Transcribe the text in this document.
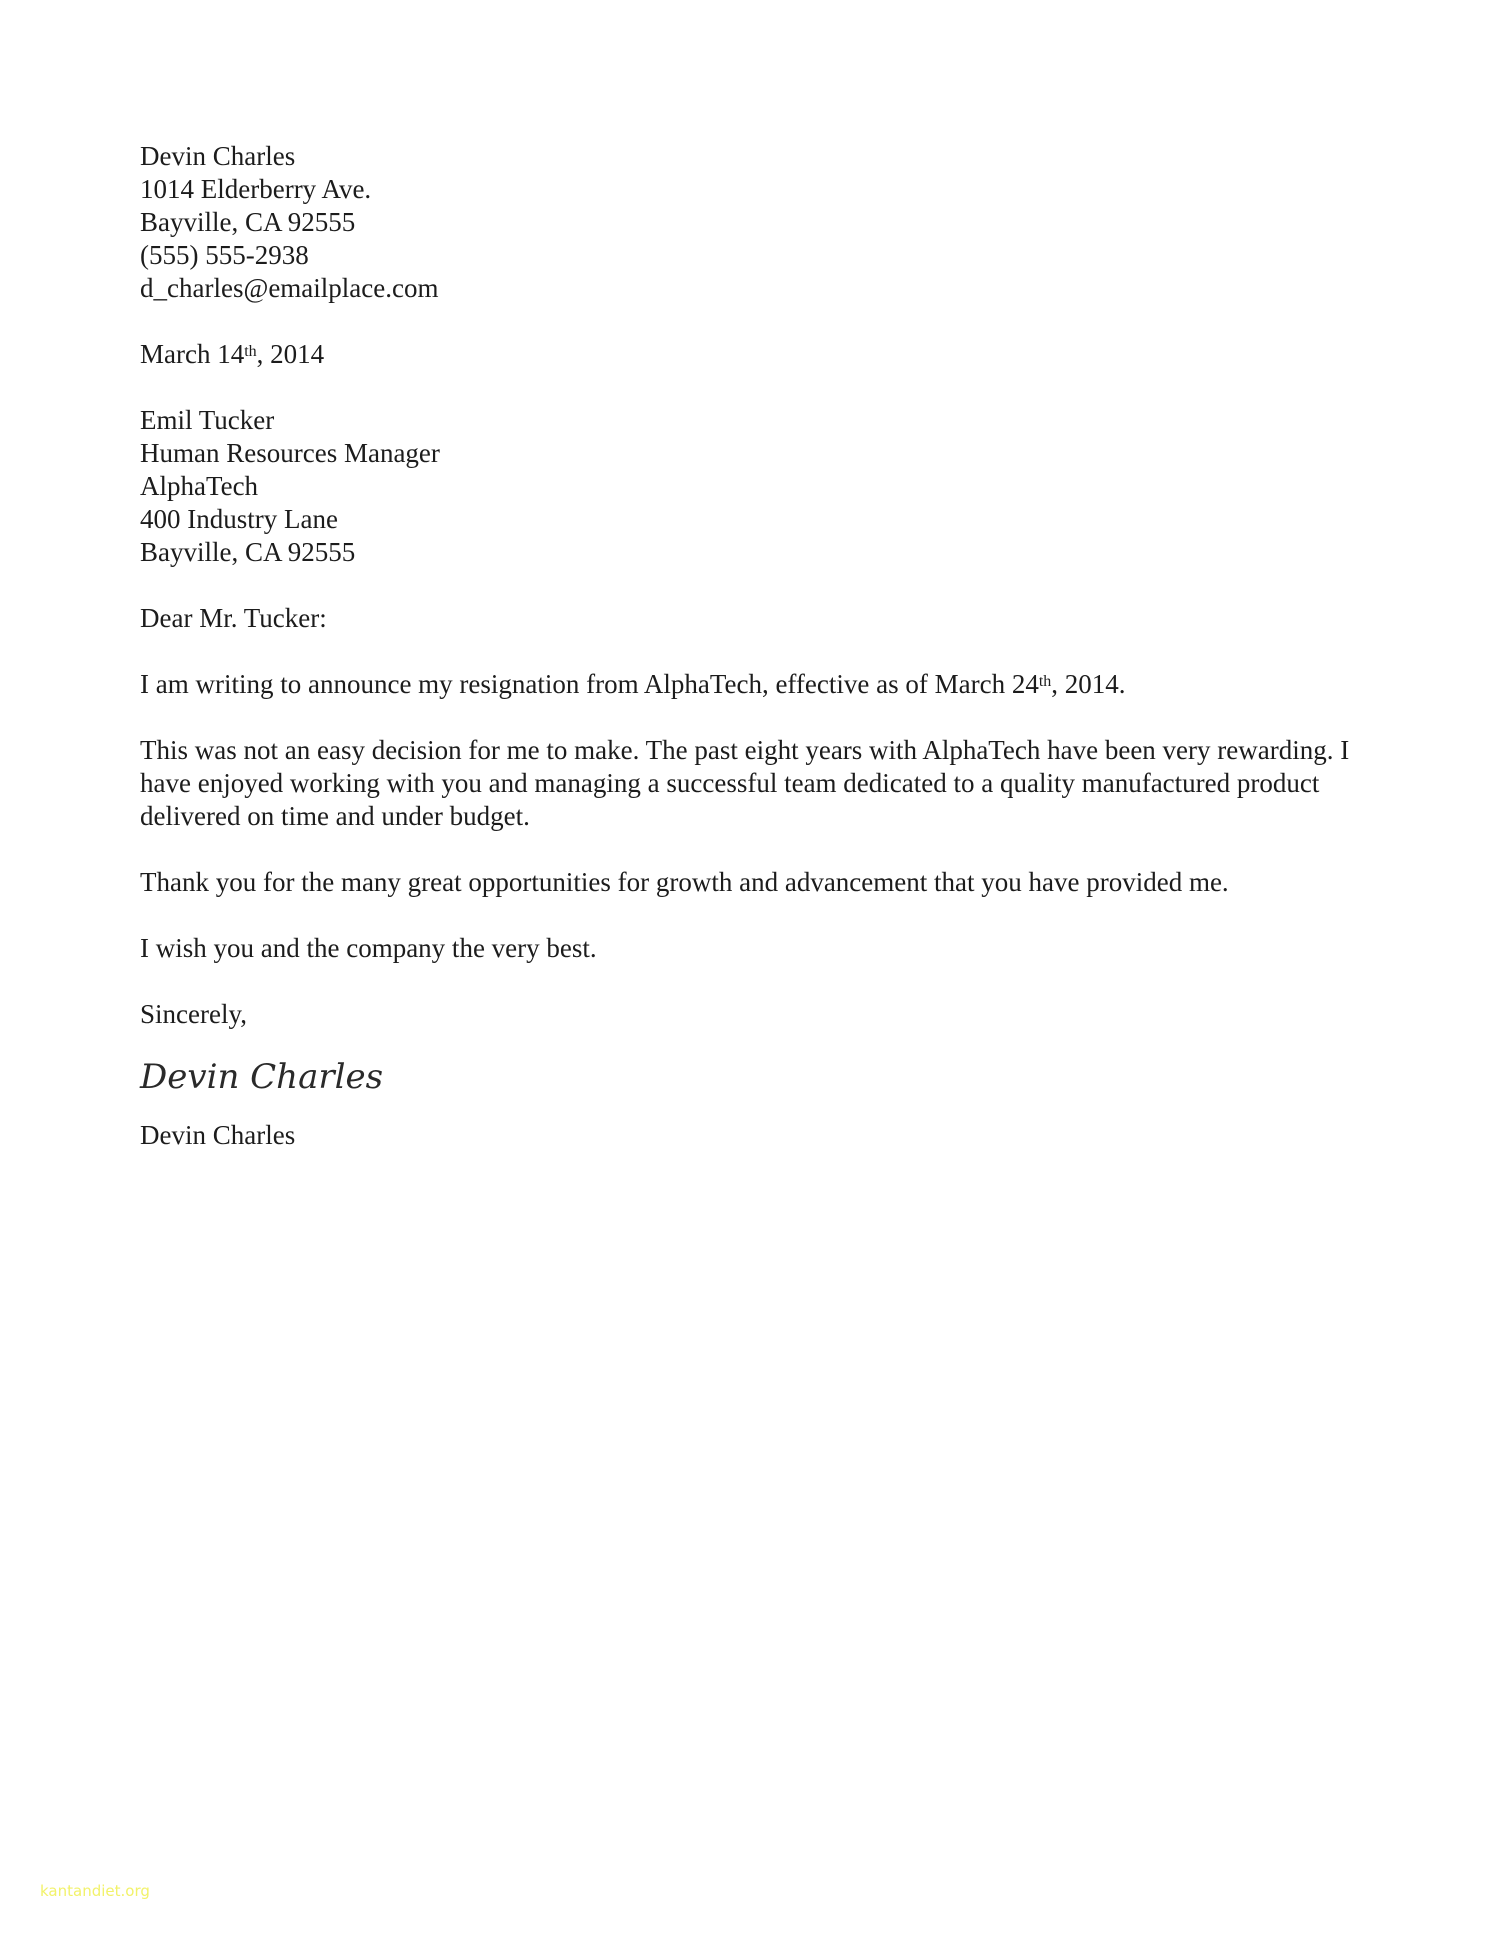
Devin Charles
1014 Elderberry Ave.
Bayville, CA 92555
(555) 555-2938
d_charles@emailplace.com
March 14th, 2014
Emil Tucker
Human Resources Manager
AlphaTech
400 Industry Lane
Bayville, CA 92555
Dear Mr. Tucker:
I am writing to announce my resignation from AlphaTech, effective as of March 24th, 2014.
This was not an easy decision for me to make. The past eight years with AlphaTech have been very rewarding. I have enjoyed working with you and managing a successful team dedicated to a quality manufactured product delivered on time and under budget.
Thank you for the many great opportunities for growth and advancement that you have provided me.
I wish you and the company the very best.
Sincerely,
Devin Charles
Devin Charles
kantandiet.org
